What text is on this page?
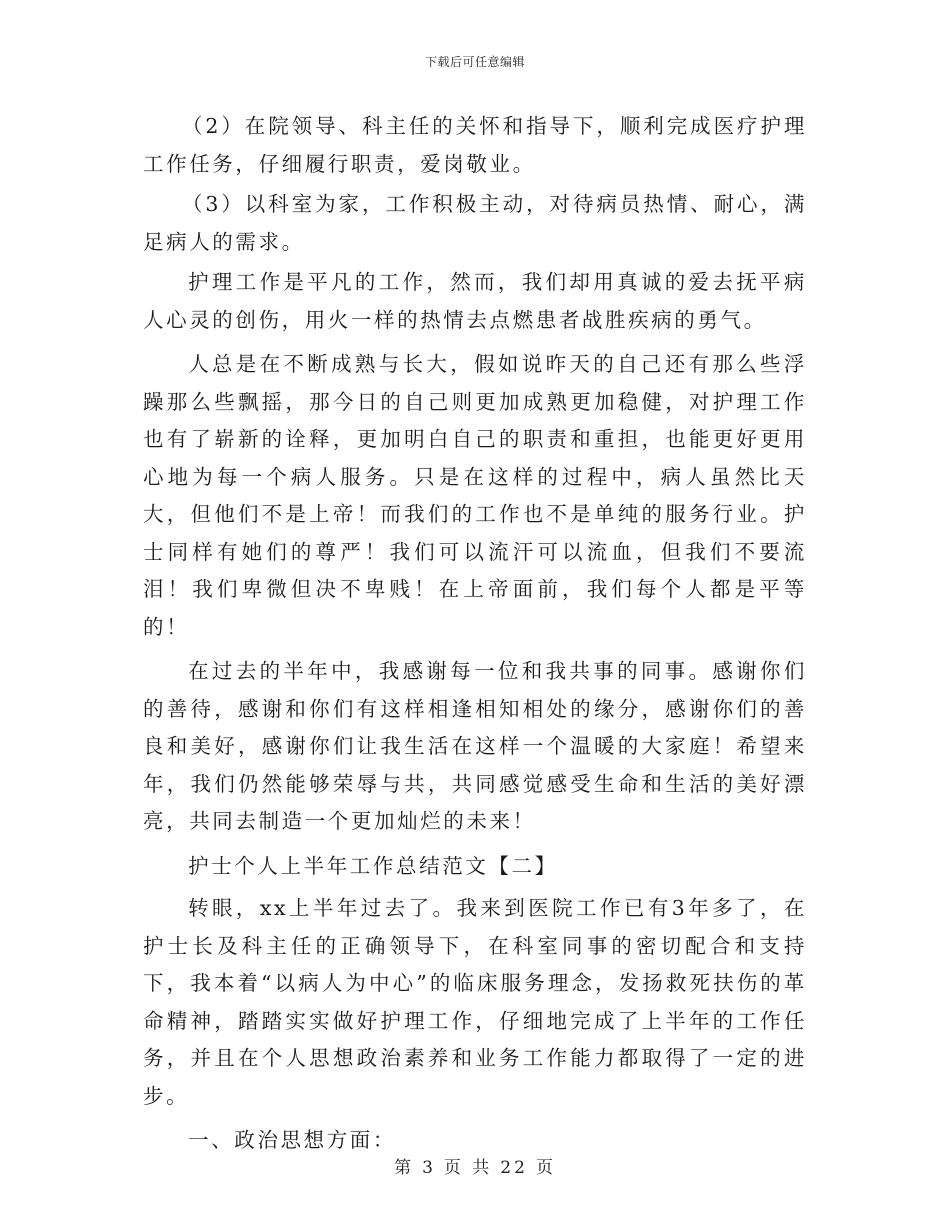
下载后可任意编辑

（2）在院领导、科主任的关怀和指导下，顺利完成医疗护理工作任务，仔细履行职责，爱岗敬业。

（3）以科室为家，工作积极主动，对待病员热情、耐心，满足病人的需求。

护理工作是平凡的工作，然而，我们却用真诚的爱去抚平病人心灵的创伤，用火一样的热情去点燃患者战胜疾病的勇气。

人总是在不断成熟与长大，假如说昨天的自己还有那么些浮躁那么些飘摇，那今日的自己则更加成熟更加稳健，对护理工作也有了崭新的诠释，更加明白自己的职责和重担，也能更好更用心地为每一个病人服务。只是在这样的过程中，病人虽然比天大，但他们不是上帝！而我们的工作也不是单纯的服务行业。护士同样有她们的尊严！我们可以流汗可以流血，但我们不要流泪！我们卑微但决不卑贱！在上帝面前，我们每个人都是平等的！

在过去的半年中，我感谢每一位和我共事的同事。感谢你们的善待，感谢和你们有这样相逢相知相处的缘分，感谢你们的善良和美好，感谢你们让我生活在这样一个温暖的大家庭！希望来年，我们仍然能够荣辱与共，共同感觉感受生命和生活的美好漂亮，共同去制造一个更加灿烂的未来！

护士个人上半年工作总结范文【二】

转眼，xx上半年过去了。我来到医院工作已有3年多了，在护士长及科主任的正确领导下，在科室同事的密切配合和支持下，我本着“以病人为中心”的临床服务理念，发扬救死扶伤的革命精神，踏踏实实做好护理工作，仔细地完成了上半年的工作任务，并且在个人思想政治素养和业务工作能力都取得了一定的进步。

一、政治思想方面：

第 3 页 共 22 页
